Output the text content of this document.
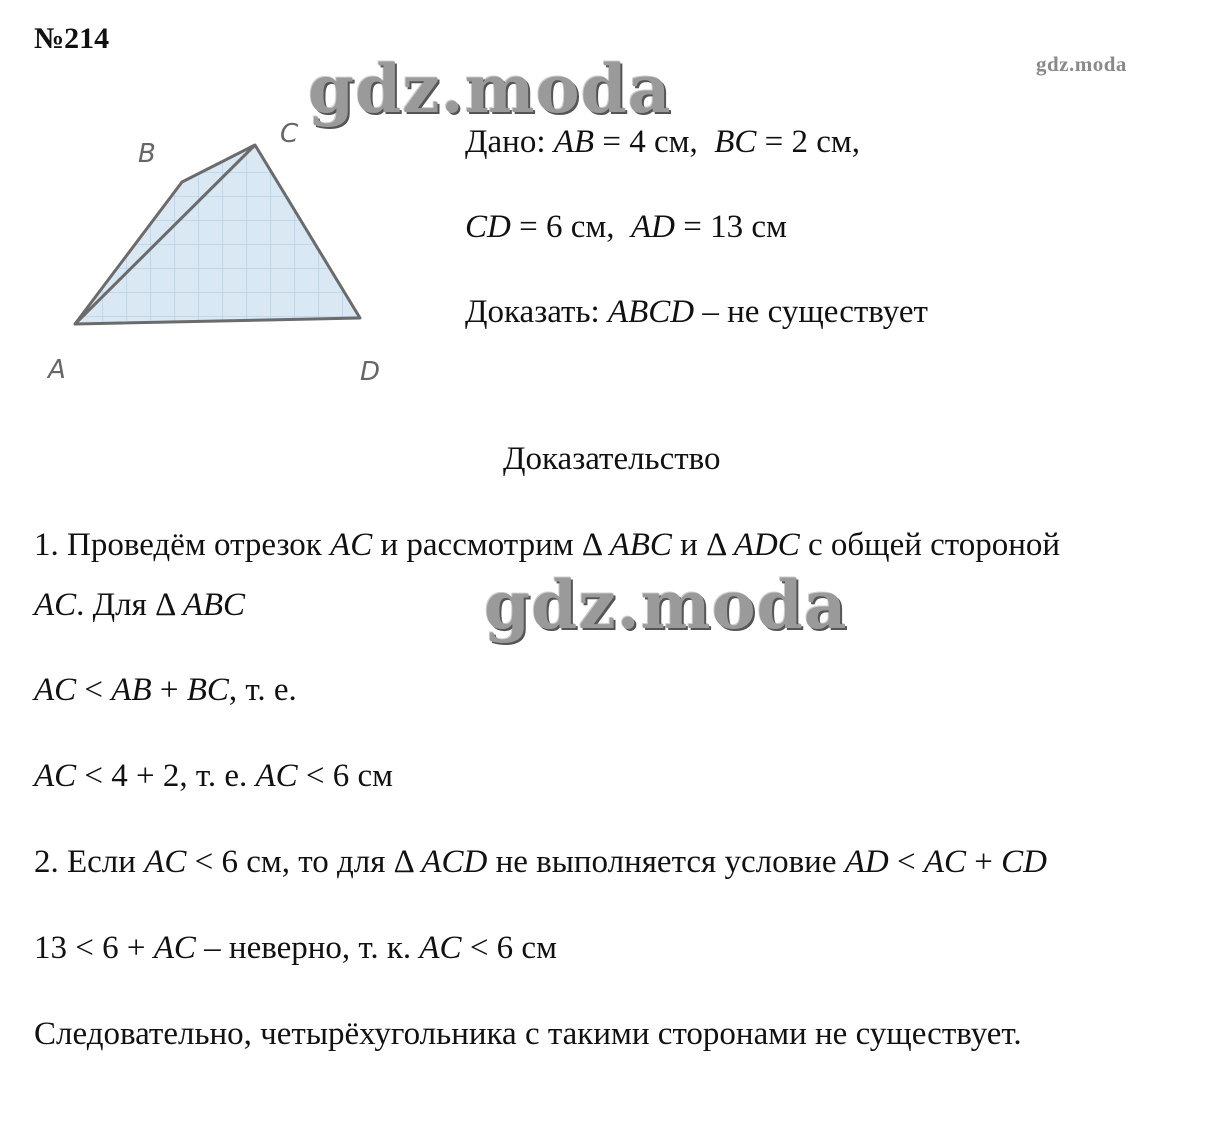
№214
gdz.moda
gdz.moda
B
C
A	D
Дано: AB = 4 см, BC = 2 см,
CD = 6 см, AD = 13 см
Доказать: ABCD – не существует
Доказательство
1. Проведём отрезок AC и рассмотрим Δ ABC и Δ ADC с общей стороной
AC. Для Δ ABC	gdz.moda
AC < AB + BC, т. е.
AC < 4 + 2, т. е. AC < 6 см
2. Если AC < 6 см, то для Δ ACD не выполняется условие AD < AC + CD
13 < 6 + AC – неверно, т. к. AC < 6 см
Следовательно, четырёхугольника с такими сторонами не существует.
